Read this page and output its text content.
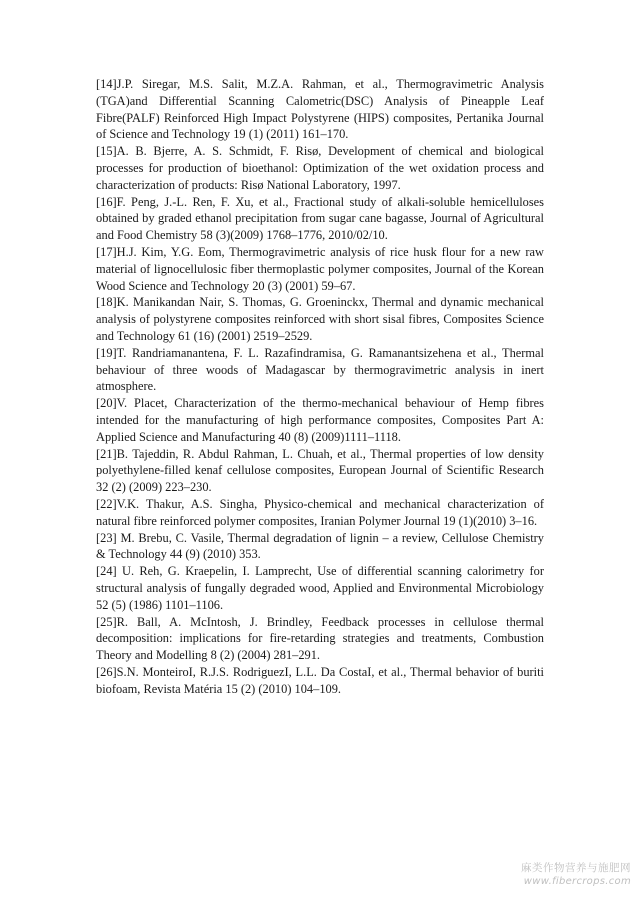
[14]J.P. Siregar, M.S. Salit, M.Z.A. Rahman, et al., Thermogravimetric Analysis (TGA)and Differential Scanning Calometric(DSC) Analysis of Pineapple Leaf Fibre(PALF) Reinforced High Impact Polystyrene (HIPS) composites, Pertanika Journal of Science and Technology 19 (1) (2011) 161–170.
[15]A. B. Bjerre, A. S. Schmidt, F. Risø, Development of chemical and biological processes for production of bioethanol: Optimization of the wet oxidation process and characterization of products: Risø National Laboratory, 1997.
[16]F. Peng, J.-L. Ren, F. Xu, et al., Fractional study of alkali-soluble hemicelluloses obtained by graded ethanol precipitation from sugar cane bagasse, Journal of Agricultural and Food Chemistry 58 (3)(2009) 1768–1776, 2010/02/10.
[17]H.J. Kim, Y.G. Eom, Thermogravimetric analysis of rice husk flour for a new raw material of lignocellulosic fiber thermoplastic polymer composites, Journal of the Korean Wood Science and Technology 20 (3) (2001) 59–67.
[18]K. Manikandan Nair, S. Thomas, G. Groeninckx, Thermal and dynamic mechanical analysis of polystyrene composites reinforced with short sisal fibres, Composites Science and Technology 61 (16) (2001) 2519–2529.
[19]T. Randriamanantena, F. L. Razafindramisa, G. Ramanantsizehena et al., Thermal behaviour of three woods of Madagascar by thermogravimetric analysis in inert atmosphere.
[20]V. Placet, Characterization of the thermo-mechanical behaviour of Hemp fibres intended for the manufacturing of high performance composites, Composites Part A: Applied Science and Manufacturing 40 (8) (2009)1111–1118.
[21]B. Tajeddin, R. Abdul Rahman, L. Chuah, et al., Thermal properties of low density polyethylene-filled kenaf cellulose composites, European Journal of Scientific Research 32 (2) (2009) 223–230.
[22]V.K. Thakur, A.S. Singha, Physico-chemical and mechanical characterization of natural fibre reinforced polymer composites, Iranian Polymer Journal 19 (1)(2010) 3–16.
[23] M. Brebu, C. Vasile, Thermal degradation of lignin – a review, Cellulose Chemistry & Technology 44 (9) (2010) 353.
[24] U. Reh, G. Kraepelin, I. Lamprecht, Use of differential scanning calorimetry for structural analysis of fungally degraded wood, Applied and Environmental Microbiology 52 (5) (1986) 1101–1106.
[25]R. Ball, A. McIntosh, J. Brindley, Feedback processes in cellulose thermal decomposition: implications for fire-retarding strategies and treatments, Combustion Theory and Modelling 8 (2) (2004) 281–291.
[26]S.N. MonteiroI, R.J.S. RodriguezI, L.L. Da CostaI, et al., Thermal behavior of buriti biofoam, Revista Matéria 15 (2) (2010) 104–109.
麻类作物营养与施肥网
www.fibercrops.com
